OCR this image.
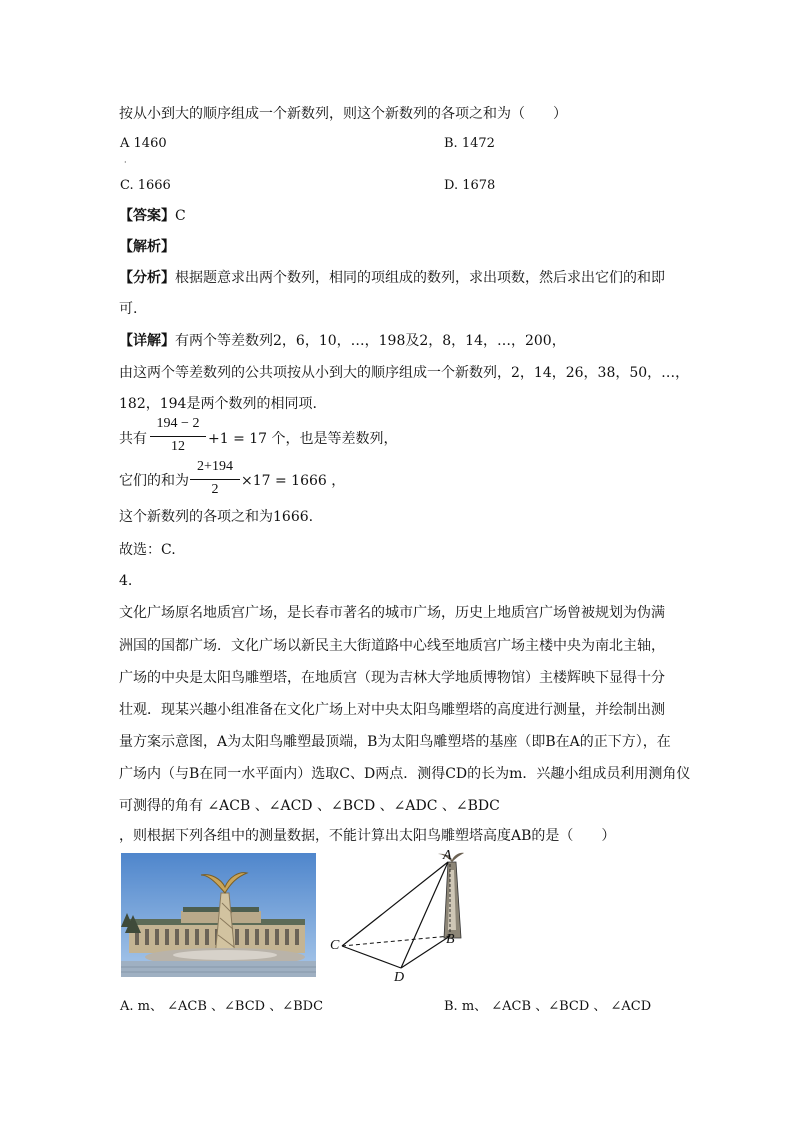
按从小到大的顺序组成一个新数列，则这个新数列的各项之和为（　　）
A 1460	B. 1472
·
C. 1666	D. 1678
【答案】C
【解析】
【分析】根据题意求出两个数列，相同的项组成的数列，求出项数，然后求出它们的和即
可.
【详解】有两个等差数列2，6，10，…，198及2，8，14，…，200，
由这两个等差数列的公共项按从小到大的顺序组成一个新数列，2，14，26，38，50，…，
182，194是两个数列的相同项.
共有
194 − 2
12	+1 = 17 个，也是等差数列，
它们的和为
2+194
2
×17 = 1666 ，
这个新数列的各项之和为1666.
故选：C.
4.
文化广场原名地质宫广场，是长春市著名的城市广场，历史上地质宫广场曾被规划为伪满
洲国的国都广场．文化广场以新民主大街道路中心线至地质宫广场主楼中央为南北主轴，
广场的中央是太阳鸟雕塑塔，在地质宫（现为吉林大学地质博物馆）主楼辉映下显得十分
壮观．现某兴趣小组准备在文化广场上对中央太阳鸟雕塑塔的高度进行测量，并绘制出测
量方案示意图，A为太阳鸟雕塑最顶端，B为太阳鸟雕塑塔的基座（即B在A的正下方），在
广场内（与B在同一水平面内）选取C、D两点．测得CD的长为m．兴趣小组成员利用测角仪
可测得的角有 ∠ACB 、∠ACD 、∠BCD 、∠ADC 、∠BDC
，则根据下列各组中的测量数据，不能计算出太阳鸟雕塑塔高度AB的是（　　）
A
B
C
D
A. m、 ∠ACB 、∠BCD 、∠BDC	B. m、 ∠ACB 、∠BCD 、 ∠ACD
